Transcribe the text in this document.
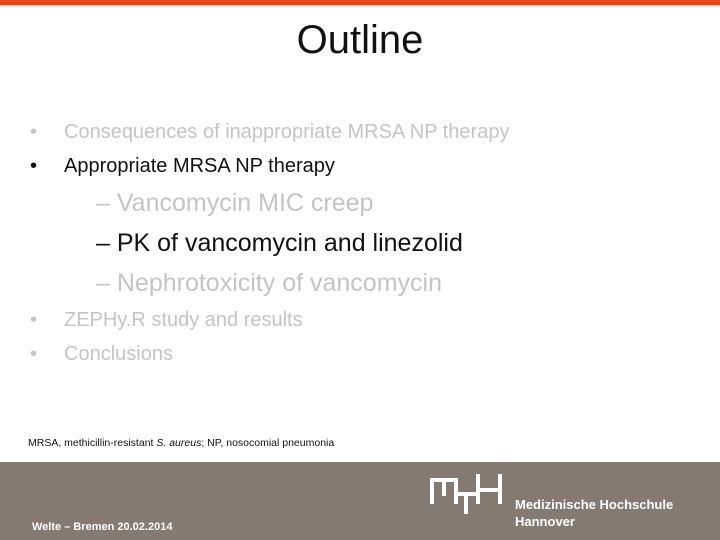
Outline
•	Consequences of inappropriate MRSA NP therapy
•	Appropriate MRSA NP therapy
– Vancomycin MIC creep
– PK of vancomycin and linezolid
– Nephrotoxicity of vancomycin
•	ZEPHy.R study and results
•	Conclusions
MRSA, methicillin-resistant S. aureus; NP, nosocomial pneumonia
Medizinische Hochschule
Hannover
Welte – Bremen 20.02.2014
